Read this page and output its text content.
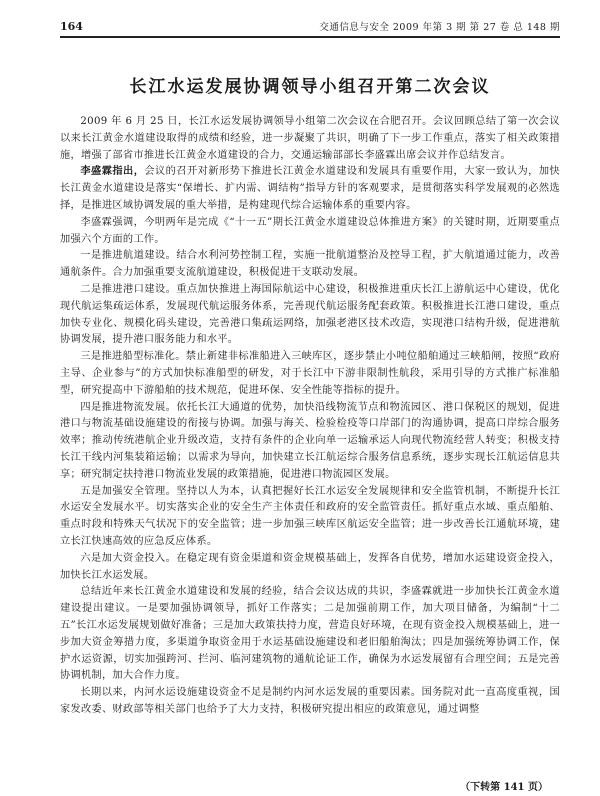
164	交通信息与安全 2009 年第 3 期 第 27 卷 总 148 期
长江水运发展协调领导小组召开第二次会议

2009 年 6 月 25 日，长江水运发展协调领导小组第二次会议在合肥召开。会议回顾总结了第一次会议以来长江黄金水道建设取得的成绩和经验，进一步凝聚了共识，明确了下一步工作重点，落实了相关政策措施，增强了部省市推进长江黄金水道建设的合力，交通运输部部长李盛霖出席会议并作总结发言。

李盛霖指出，会议的召开对新形势下推进长江黄金水道建设和发展具有重要作用，大家一致认为，加快长江黄金水道建设是落实“保增长、扩内需、调结构”指导方针的客观要求，是贯彻落实科学发展观的必然选择，是推进区域协调发展的重大举措，是构建现代综合运输体系的重要内容。

李盛霖强调，今明两年是完成《“十一五”期长江黄金水道建设总体推进方案》的关键时期，近期要重点加强六个方面的工作。

一是推进航道建设。结合水利河势控制工程，实施一批航道整治及控导工程，扩大航道通过能力，改善通航条件。合力加强重要支流航道建设，积极促进干支联动发展。

二是推进港口建设。重点加快推进上海国际航运中心建设，积极推进重庆长江上游航运中心建设，优化现代航运集疏运体系，发展现代航运服务体系，完善现代航运服务配套政策。积极推进长江港口建设，重点加快专业化、规模化码头建设，完善港口集疏运网络，加强老港区技术改造，实现港口结构升级，促进港航协调发展，提升港口服务能力和水平。

三是推进船型标准化。禁止新建非标准船进入三峡库区，逐步禁止小吨位船舶通过三峡船闸，按照“政府主导、企业参与”的方式加快标准船型的研发，对于长江中下游非限制性航段，采用引导的方式推广标准船型，研究提高中下游船舶的技术规范，促进环保、安全性能等指标的提升。

四是推进物流发展。依托长江大通道的优势，加快沿线物流节点和物流园区、港口保税区的规划，促进港口与物流基础设施建设的衔接与协调。加强与海关、检验检疫等口岸部门的沟通协调，提高口岸综合服务效率；推动传统港航企业升级改造，支持有条件的企业向单一运输承运人向现代物流经营人转变；积极支持长江干线内河集装箱运输；以需求为导向，加快建立长江航运综合服务信息系统，逐步实现长江航运信息共享；研究制定扶持港口物流业发展的政策措施，促进港口物流园区发展。

五是加强安全管理。坚持以人为本，认真把握好长江水运安全发展规律和安全监管机制，不断提升长江水运安全发展水平。切实落实企业的安全生产主体责任和政府的安全监管责任。抓好重点水域、重点船舶、重点时段和特殊天气状况下的安全监管；进一步加强三峡库区航运安全监管；进一步改善长江通航环境，建立长江快速高效的应急反应体系。

六是加大资金投入。在稳定现有资金渠道和资金规模基础上，发挥各自优势，增加水运建设资金投入，加快长江水运发展。

总结近年来长江黄金水道建设和发展的经验，结合会议达成的共识，李盛霖就进一步加快长江黄金水道建设提出建议。一是要加强协调领导，抓好工作落实；二是加强前期工作，加大项目储备，为编制“十二五”长江水运发展规划做好准备；三是加大政策扶持力度，营造良好环境，在现有资金投入规模基础上，进一步加大资金筹措力度，多渠道争取资金用于水运基础设施建设和老旧船舶淘汰；四是加强统筹协调工作，保护水运资源，切实加强跨河、拦河、临河建筑物的通航论证工作，确保为水运发展留有合理空间；五是完善协调机制，加大合作力度。

长期以来，内河水运设施建设资金不足是制约内河水运发展的重要因素。国务院对此一直高度重视，国家发改委、财政部等相关部门也给予了大力支持，积极研究提出相应的政策意见，通过调整

（下转第 141 页）
